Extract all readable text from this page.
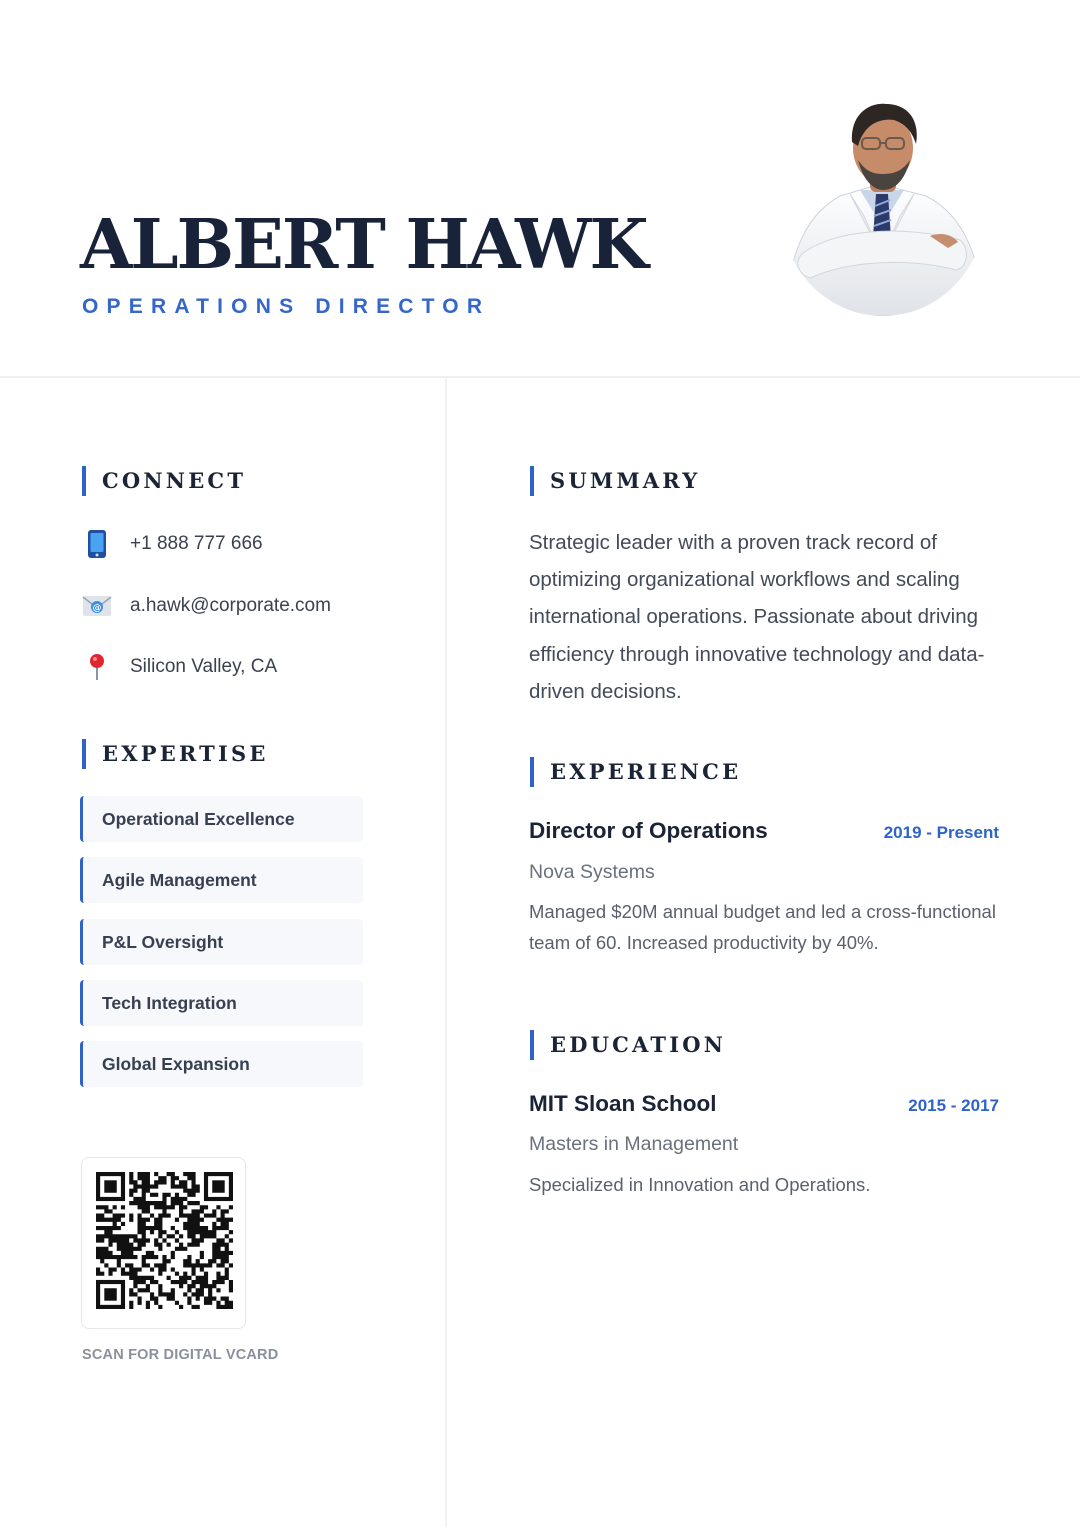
ALBERT HAWK
OPERATIONS DIRECTOR
CONNECT
+1 888 777 666
@ a.hawk@corporate.com
Silicon Valley, CA
EXPERTISE
Operational Excellence
Agile Management
P&L Oversight
Tech Integration
Global Expansion
SCAN FOR DIGITAL VCARD
SUMMARY

Strategic leader with a proven track record of optimizing organizational workflows and scaling international operations. Passionate about driving efficiency through innovative technology and data-driven decisions.

EXPERIENCE
Director of Operations	2019 - Present
Nova Systems

Managed $20M annual budget and led a cross-functional team of 60. Increased productivity by 40%.

EDUCATION
MIT Sloan School	2015 - 2017
Masters in Management

Specialized in Innovation and Operations.
